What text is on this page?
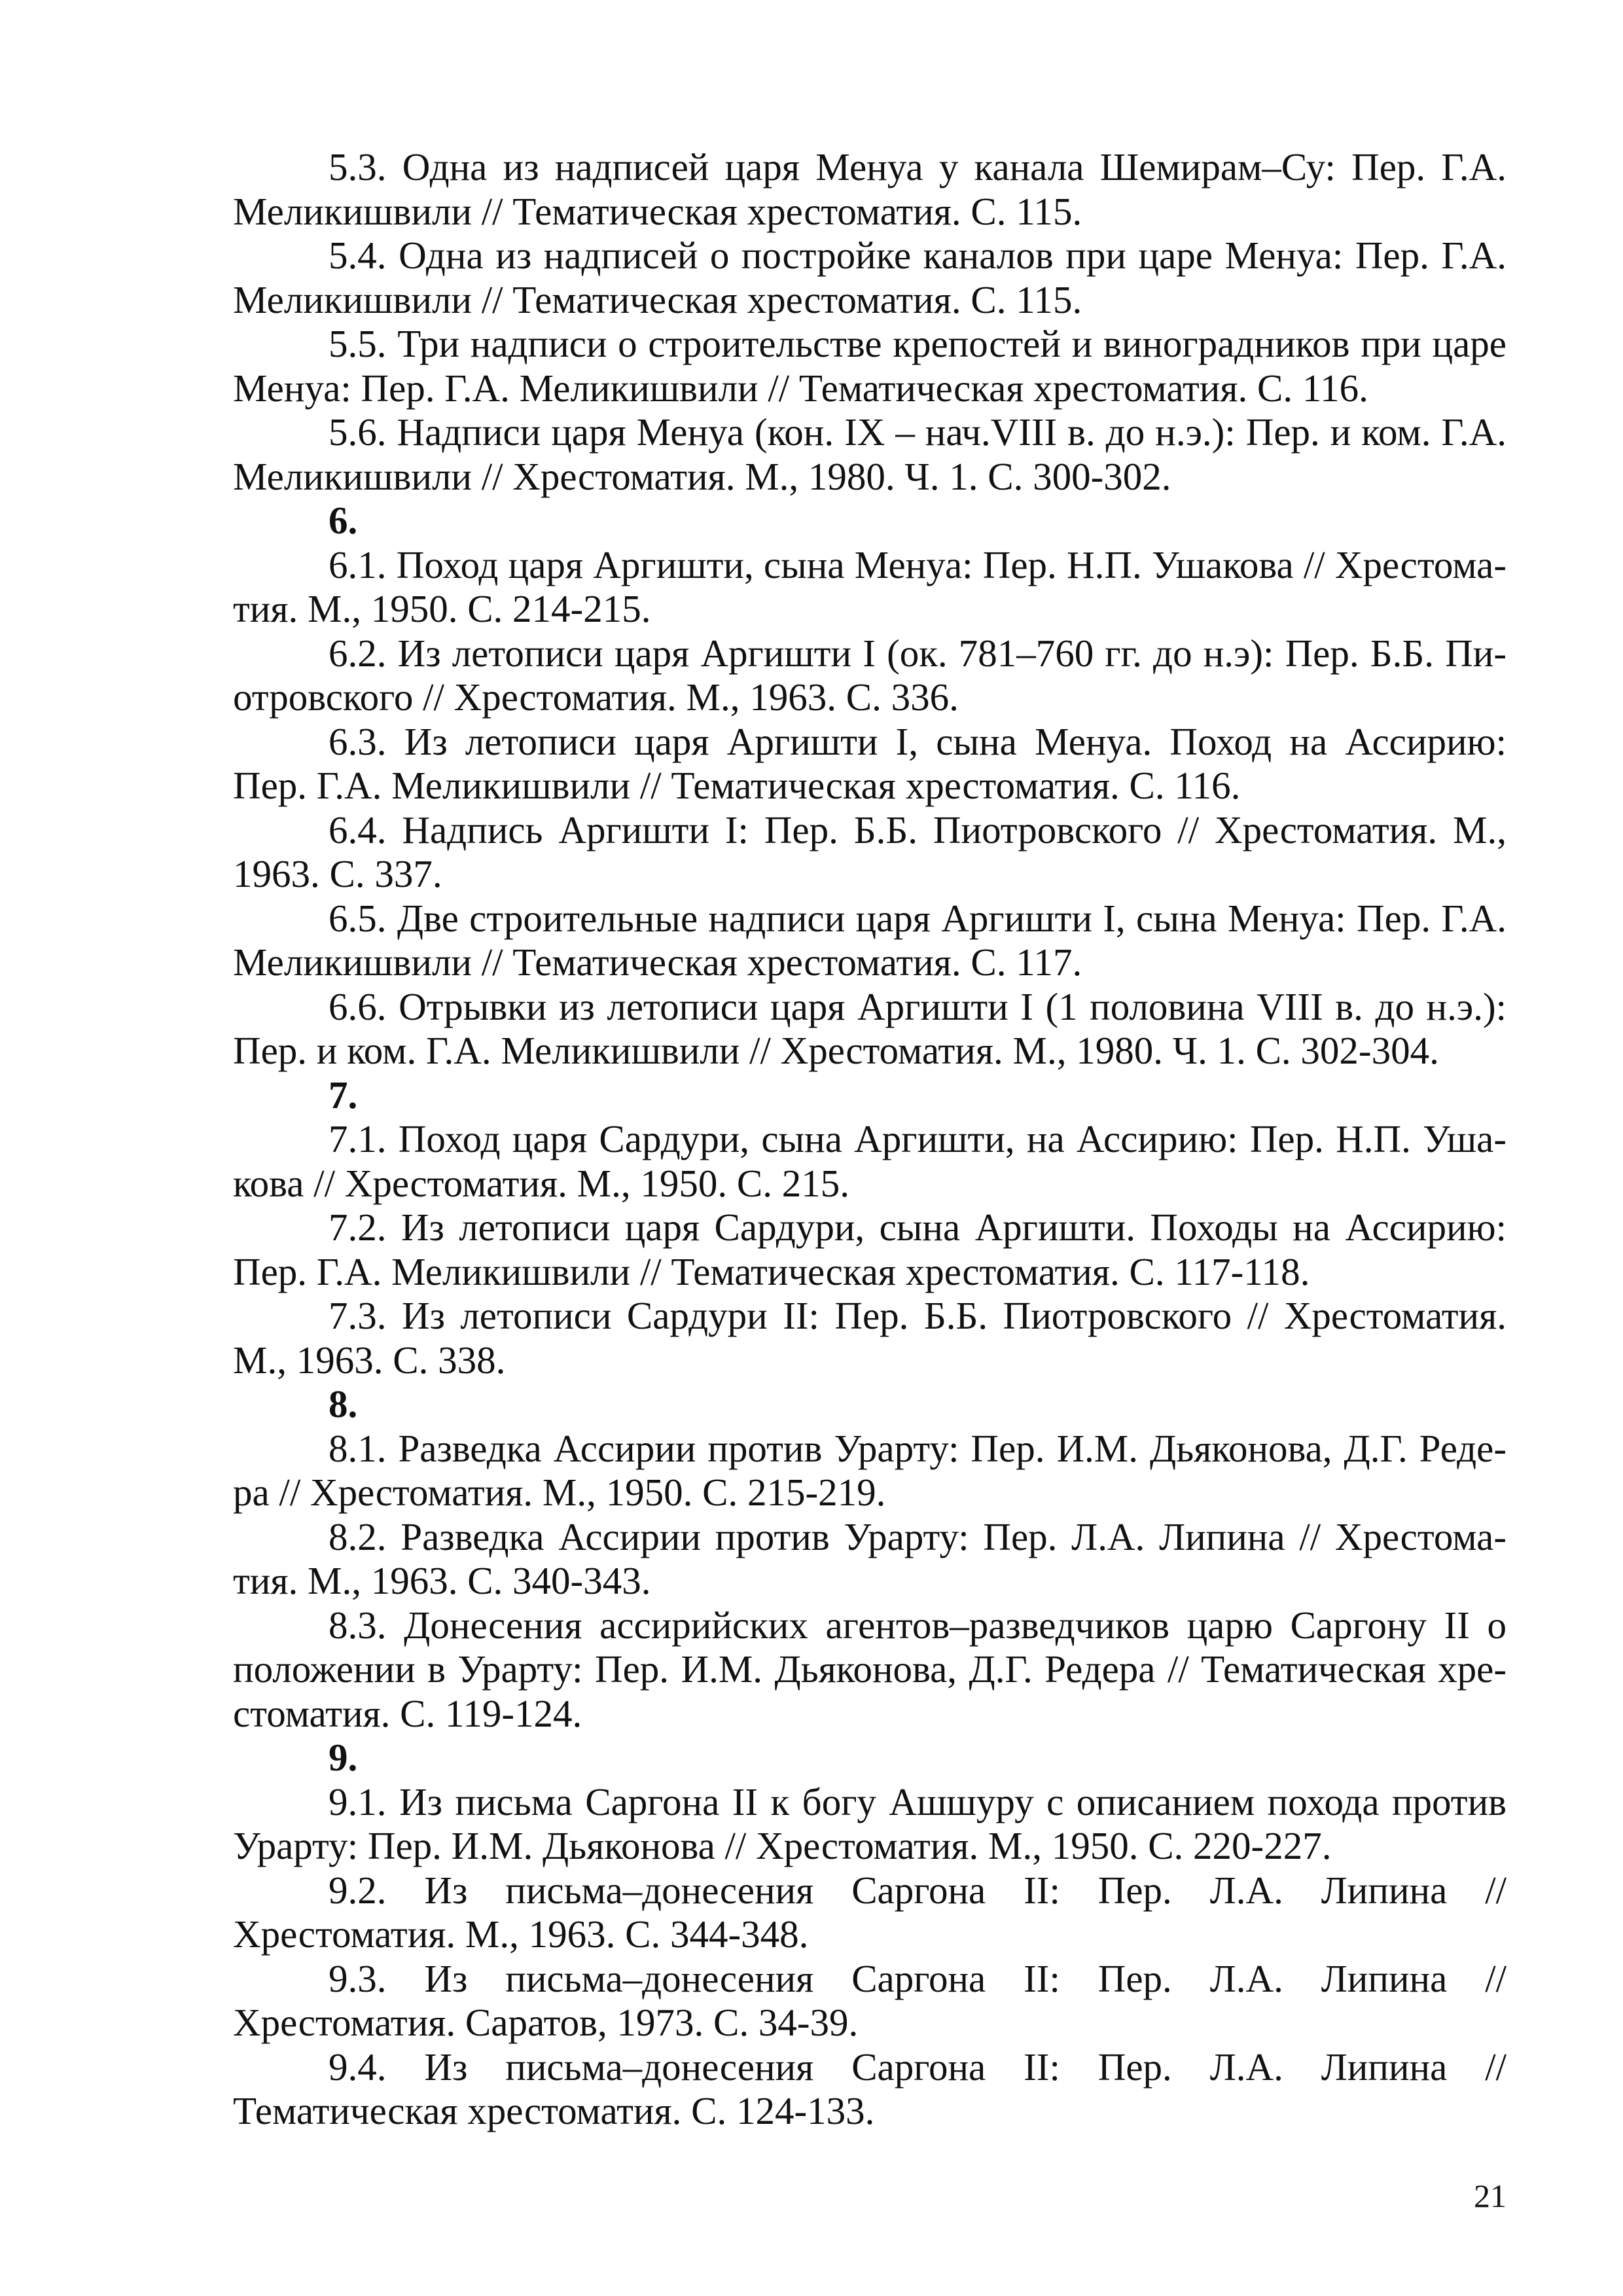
5.3. Одна из надписей царя Менуа у канала Шемирам–Су: Пер. Г.А. Меликишвили // Тематическая хрестоматия. С. 115.

5.4. Одна из надписей о постройке каналов при царе Менуа: Пер. Г.А. Меликишвили // Тематическая хрестоматия. С. 115.

5.5. Три надписи о строительстве крепостей и виноградников при царе Менуа: Пер. Г.А. Меликишвили // Тематическая хрестоматия. С. 116.

5.6. Надписи царя Менуа (кон. IX – нач.VIII в. до н.э.): Пер. и ком. Г.А. Меликишвили // Хрестоматия. М., 1980. Ч. 1. С. 300-302.

6.

6.1. Поход царя Аргишти, сына Менуа: Пер. Н.П. Ушакова // Хрестоматия. М., 1950. С. 214-215.

6.2. Из летописи царя Аргишти I (ок. 781–760 гг. до н.э): Пер. Б.Б. Пиотровского // Хрестоматия. М., 1963. С. 336.

6.3. Из летописи царя Аргишти I, сына Менуа. Поход на Ассирию: Пер. Г.А. Меликишвили // Тематическая хрестоматия. С. 116.

6.4. Надпись Аргишти I: Пер. Б.Б. Пиотровского // Хрестоматия. М., 1963. С. 337.

6.5. Две строительные надписи царя Аргишти I, сына Менуа: Пер. Г.А. Меликишвили // Тематическая хрестоматия. С. 117.

6.6. Отрывки из летописи царя Аргишти I (1 половина VIII в. до н.э.): Пер. и ком. Г.А. Меликишвили // Хрестоматия. М., 1980. Ч. 1. С. 302-304.

7.

7.1. Поход царя Сардури, сына Аргишти, на Ассирию: Пер. Н.П. Ушакова // Хрестоматия. М., 1950. С. 215.

7.2. Из летописи царя Сардури, сына Аргишти. Походы на Ассирию: Пер. Г.А. Меликишвили // Тематическая хрестоматия. С. 117-118.

7.3. Из летописи Сардури II: Пер. Б.Б. Пиотровского // Хрестоматия. М., 1963. С. 338.

8.

8.1. Разведка Ассирии против Урарту: Пер. И.М. Дьяконова, Д.Г. Редера // Хрестоматия. М., 1950. С. 215-219.

8.2. Разведка Ассирии против Урарту: Пер. Л.А. Липина // Хрестоматия. М., 1963. С. 340-343.

8.3. Донесения ассирийских агентов–разведчиков царю Саргону II о положении в Урарту: Пер. И.М. Дьяконова, Д.Г. Редера // Тематическая хрестоматия. С. 119-124.

9.

9.1. Из письма Саргона II к богу Ашшуру с описанием похода против Урарту: Пер. И.М. Дьяконова // Хрестоматия. М., 1950. С. 220-227.

9.2. Из письма–донесения Саргона II: Пер. Л.А. Липина // Хрестоматия. М., 1963. С. 344-348.

9.3. Из письма–донесения Саргона II: Пер. Л.А. Липина // Хрестоматия. Саратов, 1973. С. 34-39.

9.4. Из письма–донесения Саргона II: Пер. Л.А. Липина // Тематическая хрестоматия. С. 124-133.

21
